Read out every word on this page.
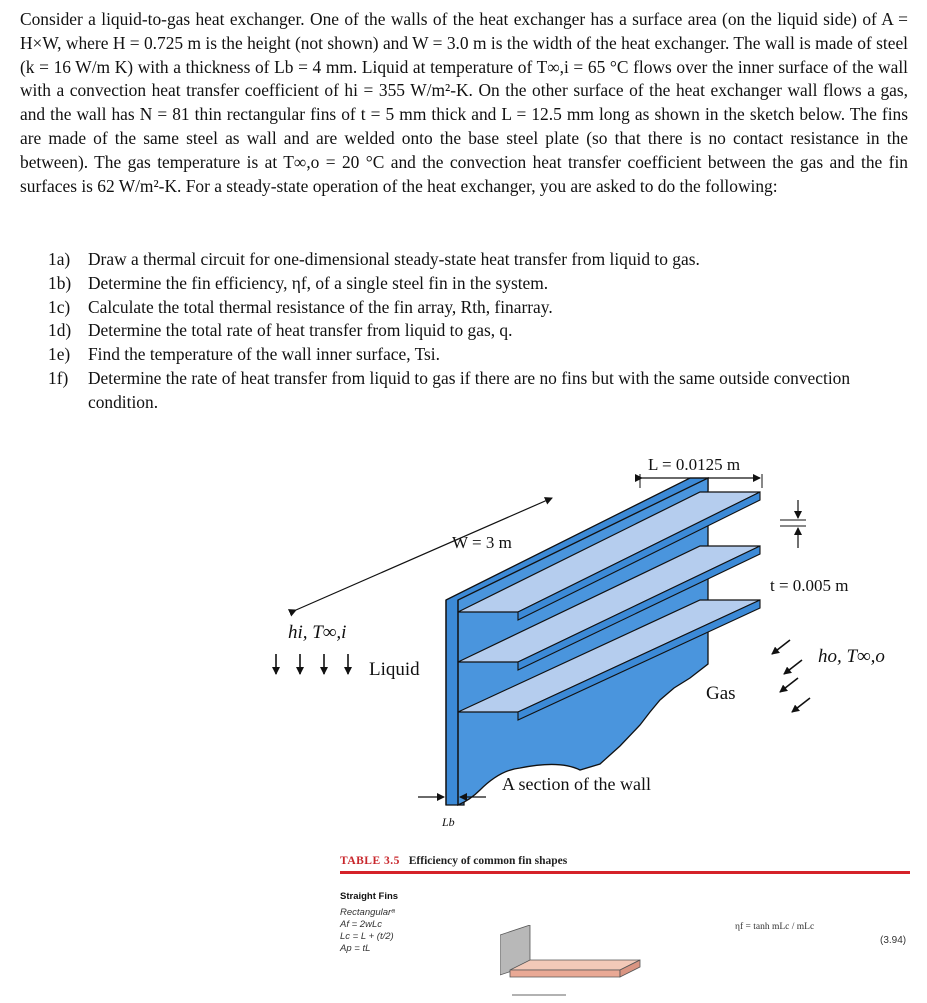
Consider a liquid-to-gas heat exchanger. One of the walls of the heat exchanger has a surface area (on the liquid side) of A = H×W, where H = 0.725 m is the height (not shown) and W = 3.0 m is the width of the heat exchanger. The wall is made of steel (k = 16 W/m K) with a thickness of Lb = 4 mm. Liquid at temperature of T∞,i = 65 °C flows over the inner surface of the wall with a convection heat transfer coefficient of hi = 355 W/m²-K. On the other surface of the heat exchanger wall flows a gas, and the wall has N = 81 thin rectangular fins of t = 5 mm thick and L = 12.5 mm long as shown in the sketch below. The fins are made of the same steel as wall and are welded onto the base steel plate (so that there is no contact resistance in the between). The gas temperature is at T∞,o = 20 °C and the convection heat transfer coefficient between the gas and the fin surfaces is 62 W/m²-K. For a steady-state operation of the heat exchanger, you are asked to do the following:

1a) Draw a thermal circuit for one-dimensional steady-state heat transfer from liquid to gas.

1b) Determine the fin efficiency, ηf, of a single steel fin in the system.

1c) Calculate the total thermal resistance of the fin array, Rth, finarray.

1d) Determine the total rate of heat transfer from liquid to gas, q.

1e) Find the temperature of the wall inner surface, Tsi.

1f) Determine the rate of heat transfer from liquid to gas if there are no fins but with the same outside convection condition.

L = 0.0125 m
W = 3 m
t = 0.005 m
hi, T∞,i
Liquid
ho, T∞,o
Gas
Lb
A section of the wall
TABLE 3.5 Efficiency of common fin shapes
Straight Fins
Rectangularᵃ
Af = 2wLc
Lc = L + (t/2)
Ap = tL
ηf = tanh mLc / mLc
(3.94)
